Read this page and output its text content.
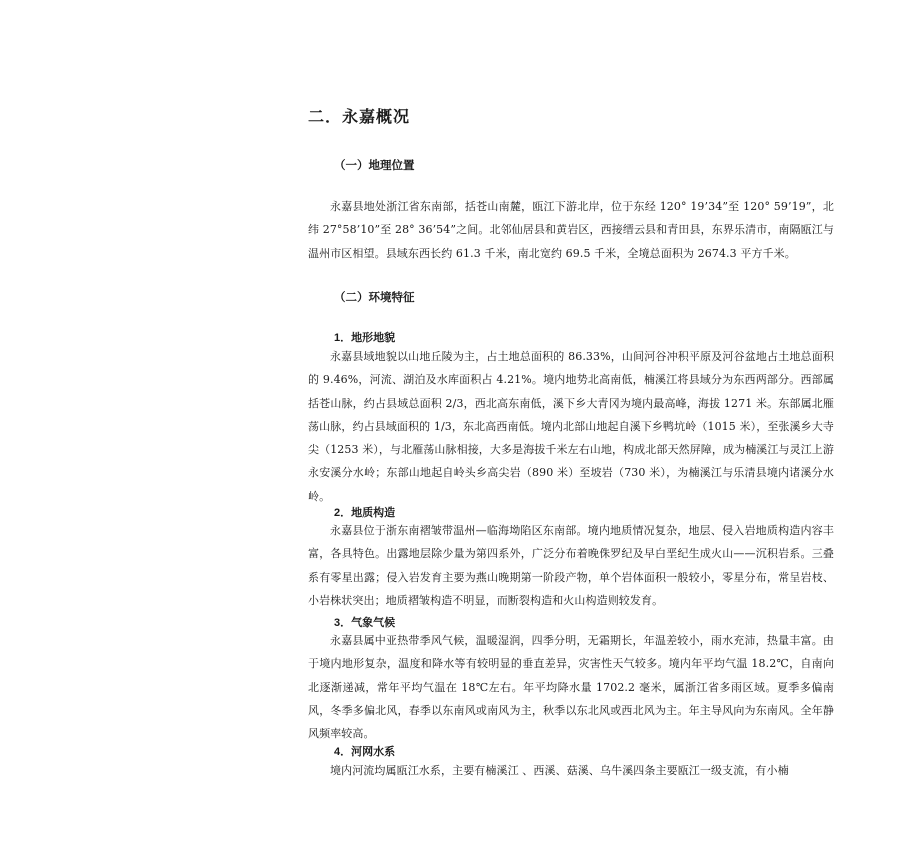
二．永嘉概况
（一）地理位置
永嘉县地处浙江省东南部，括苍山南麓，瓯江下游北岸，位于东经 120° 19’34”至 120° 59’19”，北纬 27°58’10”至 28° 36’54”之间。北邻仙居县和黄岩区，西接缙云县和青田县，东界乐清市，南隔瓯江与温州市区相望。县域东西长约 61.3 千米，南北宽约 69.5 千米，全境总面积为 2674.3 平方千米。
（二）环境特征
1．地形地貌
永嘉县域地貌以山地丘陵为主，占土地总面积的 86.33%，山间河谷冲积平原及河谷盆地占土地总面积的 9.46%，河流、湖泊及水库面积占 4.21%。境内地势北高南低，楠溪江将县域分为东西两部分。西部属括苍山脉，约占县域总面积 2/3，西北高东南低，溪下乡大青冈为境内最高峰，海拔 1271 米。东部属北雁荡山脉，约占县域面积的 1/3，东北高西南低。境内北部山地起自溪下乡鸭坑岭（1015 米），至张溪乡大寺尖（1253 米），与北雁荡山脉相接，大多是海拔千米左右山地，构成北部天然屏障，成为楠溪江与灵江上游永安溪分水岭；东部山地起自岭头乡高尖岩（890 米）至坡岩（730 米），为楠溪江与乐清县境内诸溪分水岭。
2．地质构造
永嘉县位于浙东南褶皱带温州—临海坳陷区东南部。境内地质情况复杂，地层、侵入岩地质构造内容丰富，各具特色。出露地层除少量为第四系外，广泛分布着晚侏罗纪及早白垩纪生成火山——沉积岩系。三叠系有零星出露；侵入岩发育主要为燕山晚期第一阶段产物，单个岩体面积一般较小，零星分布，常呈岩枝、小岩株状突出；地质褶皱构造不明显，而断裂构造和火山构造则较发育。
3．气象气候
永嘉县属中亚热带季风气候，温暖湿润，四季分明，无霜期长，年温差较小，雨水充沛，热量丰富。由于境内地形复杂，温度和降水等有较明显的垂直差异，灾害性天气较多。境内年平均气温 18.2℃，自南向北逐渐递减，常年平均气温在 18℃左右。年平均降水量 1702.2 毫米，属浙江省多雨区域。夏季多偏南风，冬季多偏北风，春季以东南风或南风为主，秋季以东北风或西北风为主。年主导风向为东南风。全年静风频率较高。
4．河网水系
境内河流均属瓯江水系，主要有楠溪江 、西溪、菇溪、乌牛溪四条主要瓯江一级支流，有小楠
